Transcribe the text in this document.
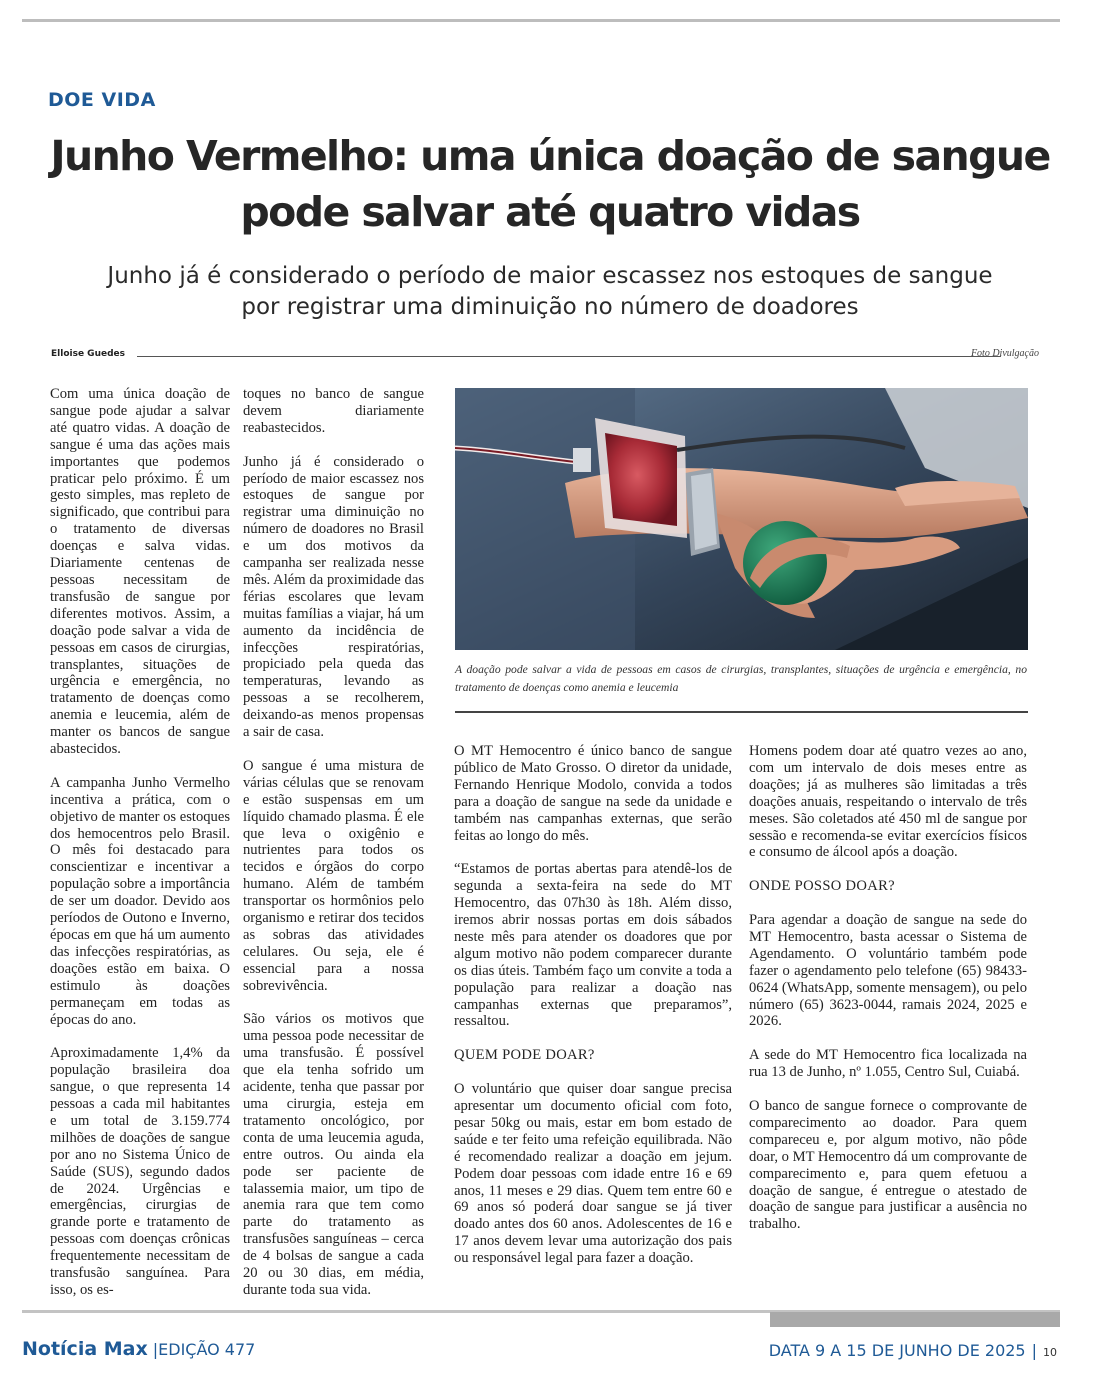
DOE VIDA
Junho Vermelho: uma única doação de sangue
pode salvar até quatro vidas
Junho já é considerado o período de maior escassez nos estoques de sangue
por registrar uma diminuição no número de doadores
Elloise Guedes	Foto Divulgação

Com uma única doação de sangue pode ajudar a salvar até quatro vidas. A doação de sangue é uma das ações mais importantes que podemos praticar pelo próximo. É um gesto simples, mas repleto de significado, que contribui para o tratamento de diversas doenças e salva vidas. Diariamente centenas de pessoas necessitam de transfusão de sangue por diferentes motivos. Assim, a doação pode salvar a vida de pessoas em casos de cirurgias, transplantes, situações de urgência e emergência, no tratamento de doenças como anemia e leucemia, além de manter os bancos de sangue abastecidos.

A campanha Junho Vermelho incentiva a prática, com o objetivo de manter os estoques dos hemocentros pelo Brasil. O mês foi destacado para conscientizar e incentivar a população sobre a importância de ser um doador. Devido aos períodos de Outono e Inverno, épocas em que há um aumento das infecções respiratórias, as doações estão em baixa. O estimulo às doações permaneçam em todas as épocas do ano.

Aproximadamente 1,4% da população brasileira doa sangue, o que representa 14 pessoas a cada mil habitantes e um total de 3.159.774 milhões de doações de sangue por ano no Sistema Único de Saúde (SUS), segundo dados de 2024. Urgências e emergências, cirurgias de grande porte e tratamento de pessoas com doenças crônicas frequentemente necessitam de transfusão sanguínea. Para isso, os es-

toques no banco de sangue devem diariamente reabastecidos.

Junho já é considerado o período de maior escassez nos estoques de sangue por registrar uma diminuição no número de doadores no Brasil e um dos motivos da campanha ser realizada nesse mês. Além da proximidade das férias escolares que levam muitas famílias a viajar, há um aumento da incidência de infecções respiratórias, propiciado pela queda das temperaturas, levando as pessoas a se recolherem, deixando-as menos propensas a sair de casa.

O sangue é uma mistura de várias células que se renovam e estão suspensas em um líquido chamado plasma. É ele que leva o oxigênio e nutrientes para todos os tecidos e órgãos do corpo humano. Além de também transportar os hormônios pelo organismo e retirar dos tecidos as sobras das atividades celulares. Ou seja, ele é essencial para a nossa sobrevivência.

São vários os motivos que uma pessoa pode necessitar de uma transfusão. É possível que ela tenha sofrido um acidente, tenha que passar por uma cirurgia, esteja em tratamento oncológico, por conta de uma leucemia aguda, entre outros. Ou ainda ela pode ser paciente de talassemia maior, um tipo de anemia rara que tem como parte do tratamento as transfusões sanguíneas – cerca de 4 bolsas de sangue a cada 20 ou 30 dias, em média, durante toda sua vida.

A doação pode salvar a vida de pessoas em casos de cirurgias, transplantes, situações de urgência e emergência, no tratamento de doenças como anemia e leucemia

O MT Hemocentro é único banco de sangue público de Mato Grosso. O diretor da unidade, Fernando Henrique Modolo, convida a todos para a doação de sangue na sede da unidade e também nas campanhas externas, que serão feitas ao longo do mês.

“Estamos de portas abertas para atendê-los de segunda a sexta-feira na sede do MT Hemocentro, das 07h30 às 18h. Além disso, iremos abrir nossas portas em dois sábados neste mês para atender os doadores que por algum motivo não podem comparecer durante os dias úteis. Também faço um convite a toda a população para realizar a doação nas campanhas externas que preparamos”, ressaltou.

QUEM PODE DOAR?

O voluntário que quiser doar sangue precisa apresentar um documento oficial com foto, pesar 50kg ou mais, estar em bom estado de saúde e ter feito uma refeição equilibrada. Não é recomendado realizar a doação em jejum. Podem doar pessoas com idade entre 16 e 69 anos, 11 meses e 29 dias. Quem tem entre 60 e 69 anos só poderá doar sangue se já tiver doado antes dos 60 anos. Adolescentes de 16 e 17 anos devem levar uma autorização dos pais ou responsável legal para fazer a doação.

Homens podem doar até quatro vezes ao ano, com um intervalo de dois meses entre as doações; já as mulheres são limitadas a três doações anuais, respeitando o intervalo de três meses. São coletados até 450 ml de sangue por sessão e recomenda-se evitar exercícios físicos e consumo de álcool após a doação.

ONDE POSSO DOAR?

Para agendar a doação de sangue na sede do MT Hemocentro, basta acessar o Sistema de Agendamento. O voluntário também pode fazer o agendamento pelo telefone (65) 98433-0624 (WhatsApp, somente mensagem), ou pelo número (65) 3623-0044, ramais 2024, 2025 e 2026.

A sede do MT Hemocentro fica localizada na rua 13 de Junho, nº 1.055, Centro Sul, Cuiabá.

O banco de sangue fornece o comprovante de comparecimento ao doador. Para quem compareceu e, por algum motivo, não pôde doar, o MT Hemocentro dá um comprovante de comparecimento e, para quem efetuou a doação de sangue, é entregue o atestado de doação de sangue para justificar a ausência no trabalho.

Notícia Max |EDIÇÃO 477	DATA 9 A 15 DE JUNHO DE 2025 | 10
